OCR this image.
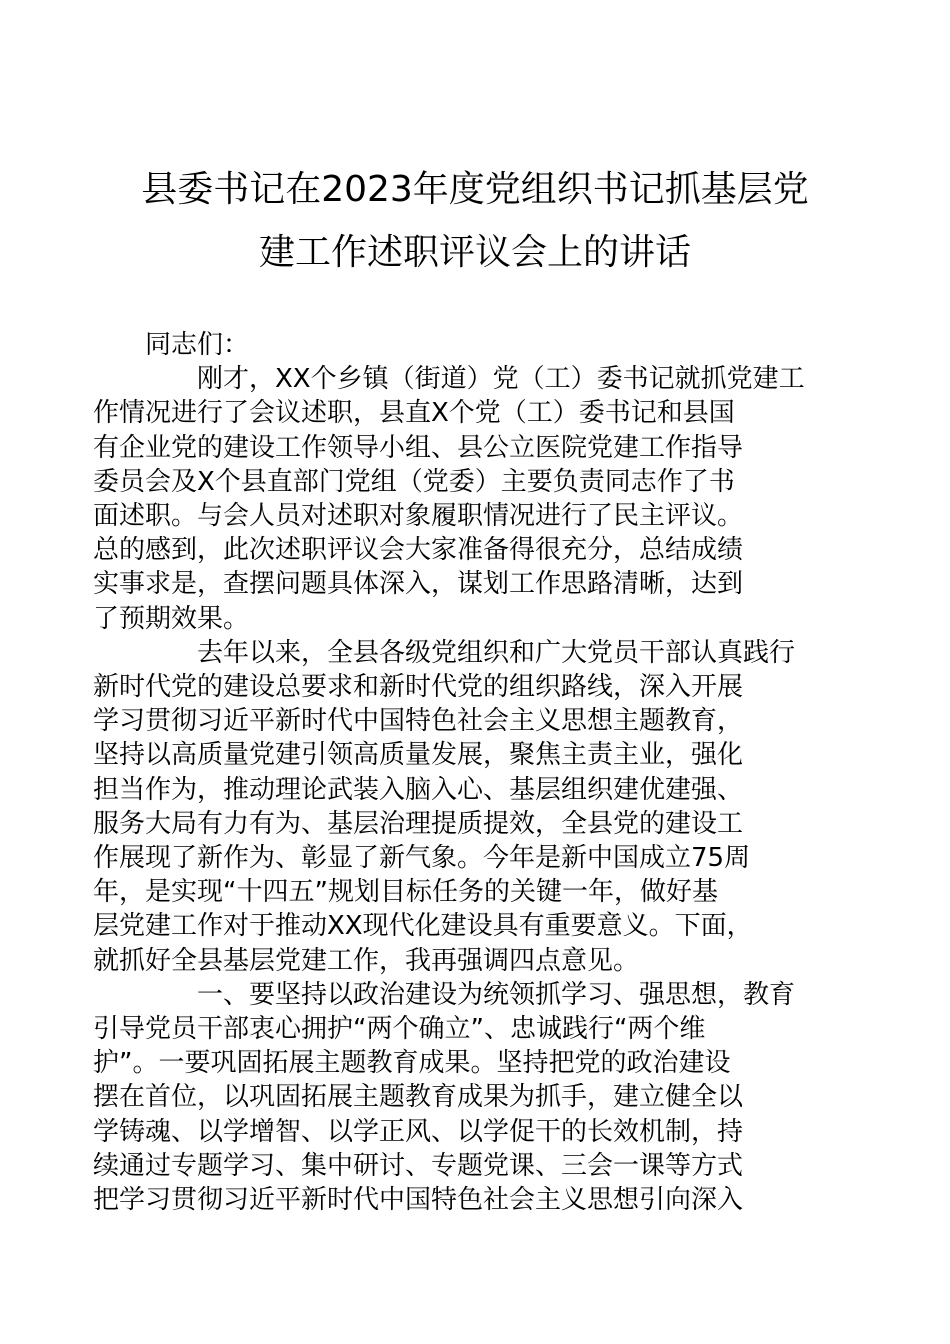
县委书记在2023年度党组织书记抓基层党
建工作述职评议会上的讲话

同志们：

刚才，XX个乡镇（街道）党（工）委书记就抓党建工
作情况进行了会议述职，县直X个党（工）委书记和县国
有企业党的建设工作领导小组、县公立医院党建工作指导
委员会及X个县直部门党组（党委）主要负责同志作了书
面述职。与会人员对述职对象履职情况进行了民主评议。
总的感到，此次述职评议会大家准备得很充分，总结成绩
实事求是，查摆问题具体深入，谋划工作思路清晰，达到
了预期效果。

去年以来，全县各级党组织和广大党员干部认真践行
新时代党的建设总要求和新时代党的组织路线，深入开展
学习贯彻习近平新时代中国特色社会主义思想主题教育，
坚持以高质量党建引领高质量发展，聚焦主责主业，强化
担当作为，推动理论武装入脑入心、基层组织建优建强、
服务大局有力有为、基层治理提质提效，全县党的建设工
作展现了新作为、彰显了新气象。今年是新中国成立75周
年，是实现“十四五”规划目标任务的关键一年，做好基
层党建工作对于推动XX现代化建设具有重要意义。下面，
就抓好全县基层党建工作，我再强调四点意见。

一、要坚持以政治建设为统领抓学习、强思想，教育
引导党员干部衷心拥护“两个确立”、忠诚践行“两个维
护”。一要巩固拓展主题教育成果。坚持把党的政治建设
摆在首位，以巩固拓展主题教育成果为抓手，建立健全以
学铸魂、以学增智、以学正风、以学促干的长效机制，持
续通过专题学习、集中研讨、专题党课、三会一课等方式
把学习贯彻习近平新时代中国特色社会主义思想引向深入
